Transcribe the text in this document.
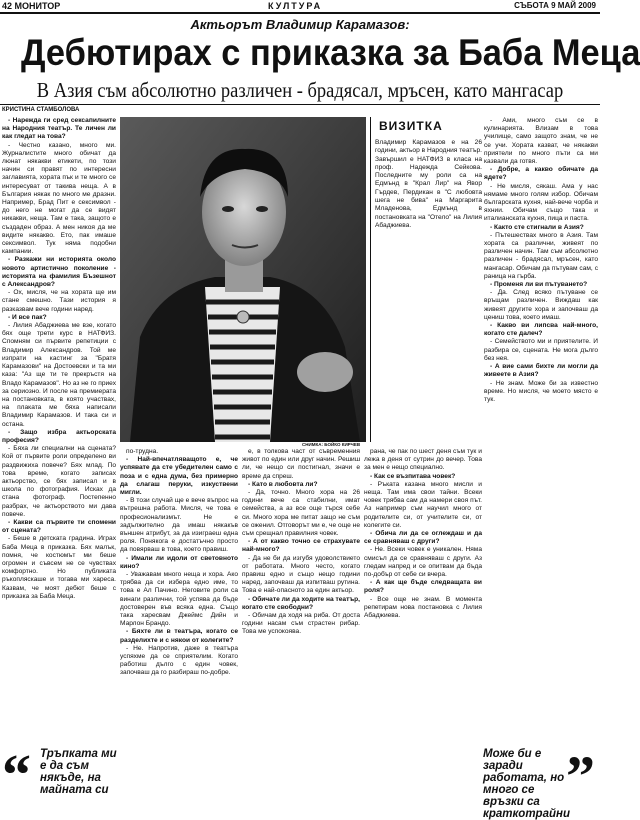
42 МОНИТОР	КУЛТУРА	СЪБОТА 9 МАЙ 2009
Актьорът Владимир Карамазов:
Дебютирах с приказка за Баба Меца
В Азия съм абсолютно различен - брадясал, мръсен, като мангасар
КРИСТИНА СТАМБОЛОВА

- Нарежда ги сред сексапилните на Народния театър. Те личен ли как гледат на това?

- Честно казано, много ми. Журналистите много обичат да люнат някакви етикети, по този начин си правят по интересни заглавията, хората пък и те много се интересуват от такива неща. А в България някак по много ме дразни. Например, Брад Пит е сексимвол - до него не могат да се видят никакви, неща. Там е така, защото е създаден образ. А мен никоя да ме видите някакво. Ето, пак имаше сексимвол. Тук няма подобни кампании.

- Разкажи ни историята около новото артистично поколение - историята на фамилия Бъзешнот с Александров?

- Ох, мисля, че на хората ще им стане смешно. Тази история я разказвам вече години наред.

- И все пак?

- Лилия Абаджиева ме взе, когато бях още трети курс в НАТФИЗ. Спомням си първите репетиции с Владимир Александров. Той ме изпрати на кастинг за "Братя Карамазови" на Достоевски и та ми каза: "Аз ще ти те прекръстя на Владо Карамазов". Но аз не го приех за сериозно. И после на премиерата на постановката, в която участвах, на плаката ме бяха написали Владимир Карамазов. И така си и остана.

- Защо избра актьорската професия?

- Бяха ли специални на сцената? Кой от първите роли определено ви раздвижиха повече? Бях млад. По това време, когато записах актьорство, се бях записал и в школа по фотография. Исках да стана фотограф. Постепенно разбрах, че актьорството ми дава повече.

- Какви са първите ти спомени от сцената?

- Беше в детската градина. Играх Баба Меца в приказка. Бях малък, помня, че костюмът ми беше огромен и съвсем не се чувствах комфортно. Но публиката ръкопляскаше и тогава ми хареса. Казвам, че моят дебют беше с приказка за Баба Меца.

СНИМКА: БОЙКО КИРЧЕВ
ВИЗИТКА
Владимир Карамазов е на 26 години, актьор в Народния театър. Завършил е НАТФИЗ в класа на проф. Надежда Сейкова. Последните му роли са на Едмънд в "Крал Лир" на Явор Гърдев, Пердикан в "С любовта шега не бива" на Маргарита Младенова, Едмънд в постановката на "Отело" на Лилия Абаджиева.

по-трудна.

- Най-впечатляващото е, че успявате да сте убедителен само с поза и с една дума, без примерно да слагаш перуки, изкуствени мигли.

- В този случай ще е вече въпрос на вътрешна работа. Мисля, че това е професионализмът. Не е задължително да имаш някакъв външен атрибут, за да изиграеш една роля. Понякога е достатъчно просто да повярваш в това, което правиш.

- Имали ли идоли от световното кино?

- Уважавам много неща и хора. Ако трябва да си избера едно име, то това е Ал Пачино. Неговите роли са винаги различни, той успява да бъде достоверен във всяка една. Също така харесвам Джеймс Дийн и Марлон Брандо.

- Бяхте ли в театъра, когато се разделихте и с някои от колегите?

- Не. Напротив, даже в театъра успяхме да се сприятелим. Когато работиш дълго с един човек, започваш да го разбираш по-добре.

е, в толкова част от съвременния живот по един или друг начин. Решиш ли, че нещо си постигнал, значи е време да спреш.

- Като в любовта ли?

- Да, точно. Много хора на 26 години вече са стабилни, имат семейства, а аз все още търся себе си. Много хора ме питат защо не съм се оженил. Отговорът ми е, че още не съм срещнал правилния човек.

- А от какво точно се страхувате най-много?

- Да не би да изгубя удоволствието от работата. Много често, когато правиш едно и също нещо години наред, започваш да изпитваш рутина. Това е най-опасното за един актьор.

- Обичате ли да ходите на театър, когато сте свободни?

- Обичам да ходя на риба. От доста години насам съм страстен рибар. Това ме успокоява.

рана, че пак по шест деня съм тук и лежа в деня от сутрин до вечер. Това за мен е нещо специално.

- Как се възпитава човек?

- Ръката казана много мисли и неща. Там има свои тайни. Всеки човек трябва сам да намери своя път. Аз например съм научил много от родителите си, от учителите си, от колегите си.

- Обича ли да се оглеждаш и да се сравняваш с други?

- Не. Всеки човек е уникален. Няма смисъл да се сравняваш с други. Аз гледам напред и се опитвам да бъда по-добър от себе си вчера.

- А как ще бъде следващата ви роля?

- Все още не знам. В момента репетирам нова постановка с Лилия Абаджиева.

- Ами, много съм се в кулинарията. Влизам в това училище, само защото знам, че не се учи. Хората казват, че някакви приятели по много пъти са ми казвали да готвя.

- Добре, а какво обичате да ядете?

- Не мисля, сякаш. Ама у нас нямаме много голям избор. Обичам българската кухня, най-вече чорба и яхнии. Обичам също така и италианската кухня, пица и паста.

- Както сте стигнали в Азия?

- Пътешествах много в Азия. Там хората са различни, живеят по различен начин. Там съм абсолютно различен - брадясал, мръсен, като мангасар. Обичам да пътувам сам, с раница на гърба.

- Променя ли ви пътуването?

- Да. След всяко пътуване се връщам различен. Виждаш как живеят другите хора и започваш да цениш това, което имаш.

- Какво ви липсва най-много, когато сте далеч?

- Семейството ми и приятелите. И разбира се, сцената. Не мога дълго без нея.

- А вие сами бихте ли могли да живеете в Азия?

- Не знам. Може би за известно време. Но мисля, че моето място е тук.

“ Тръпката ми е да съм някъде, на майната си
Може би е заради работата, но много се връзки са краткотрайни
”
